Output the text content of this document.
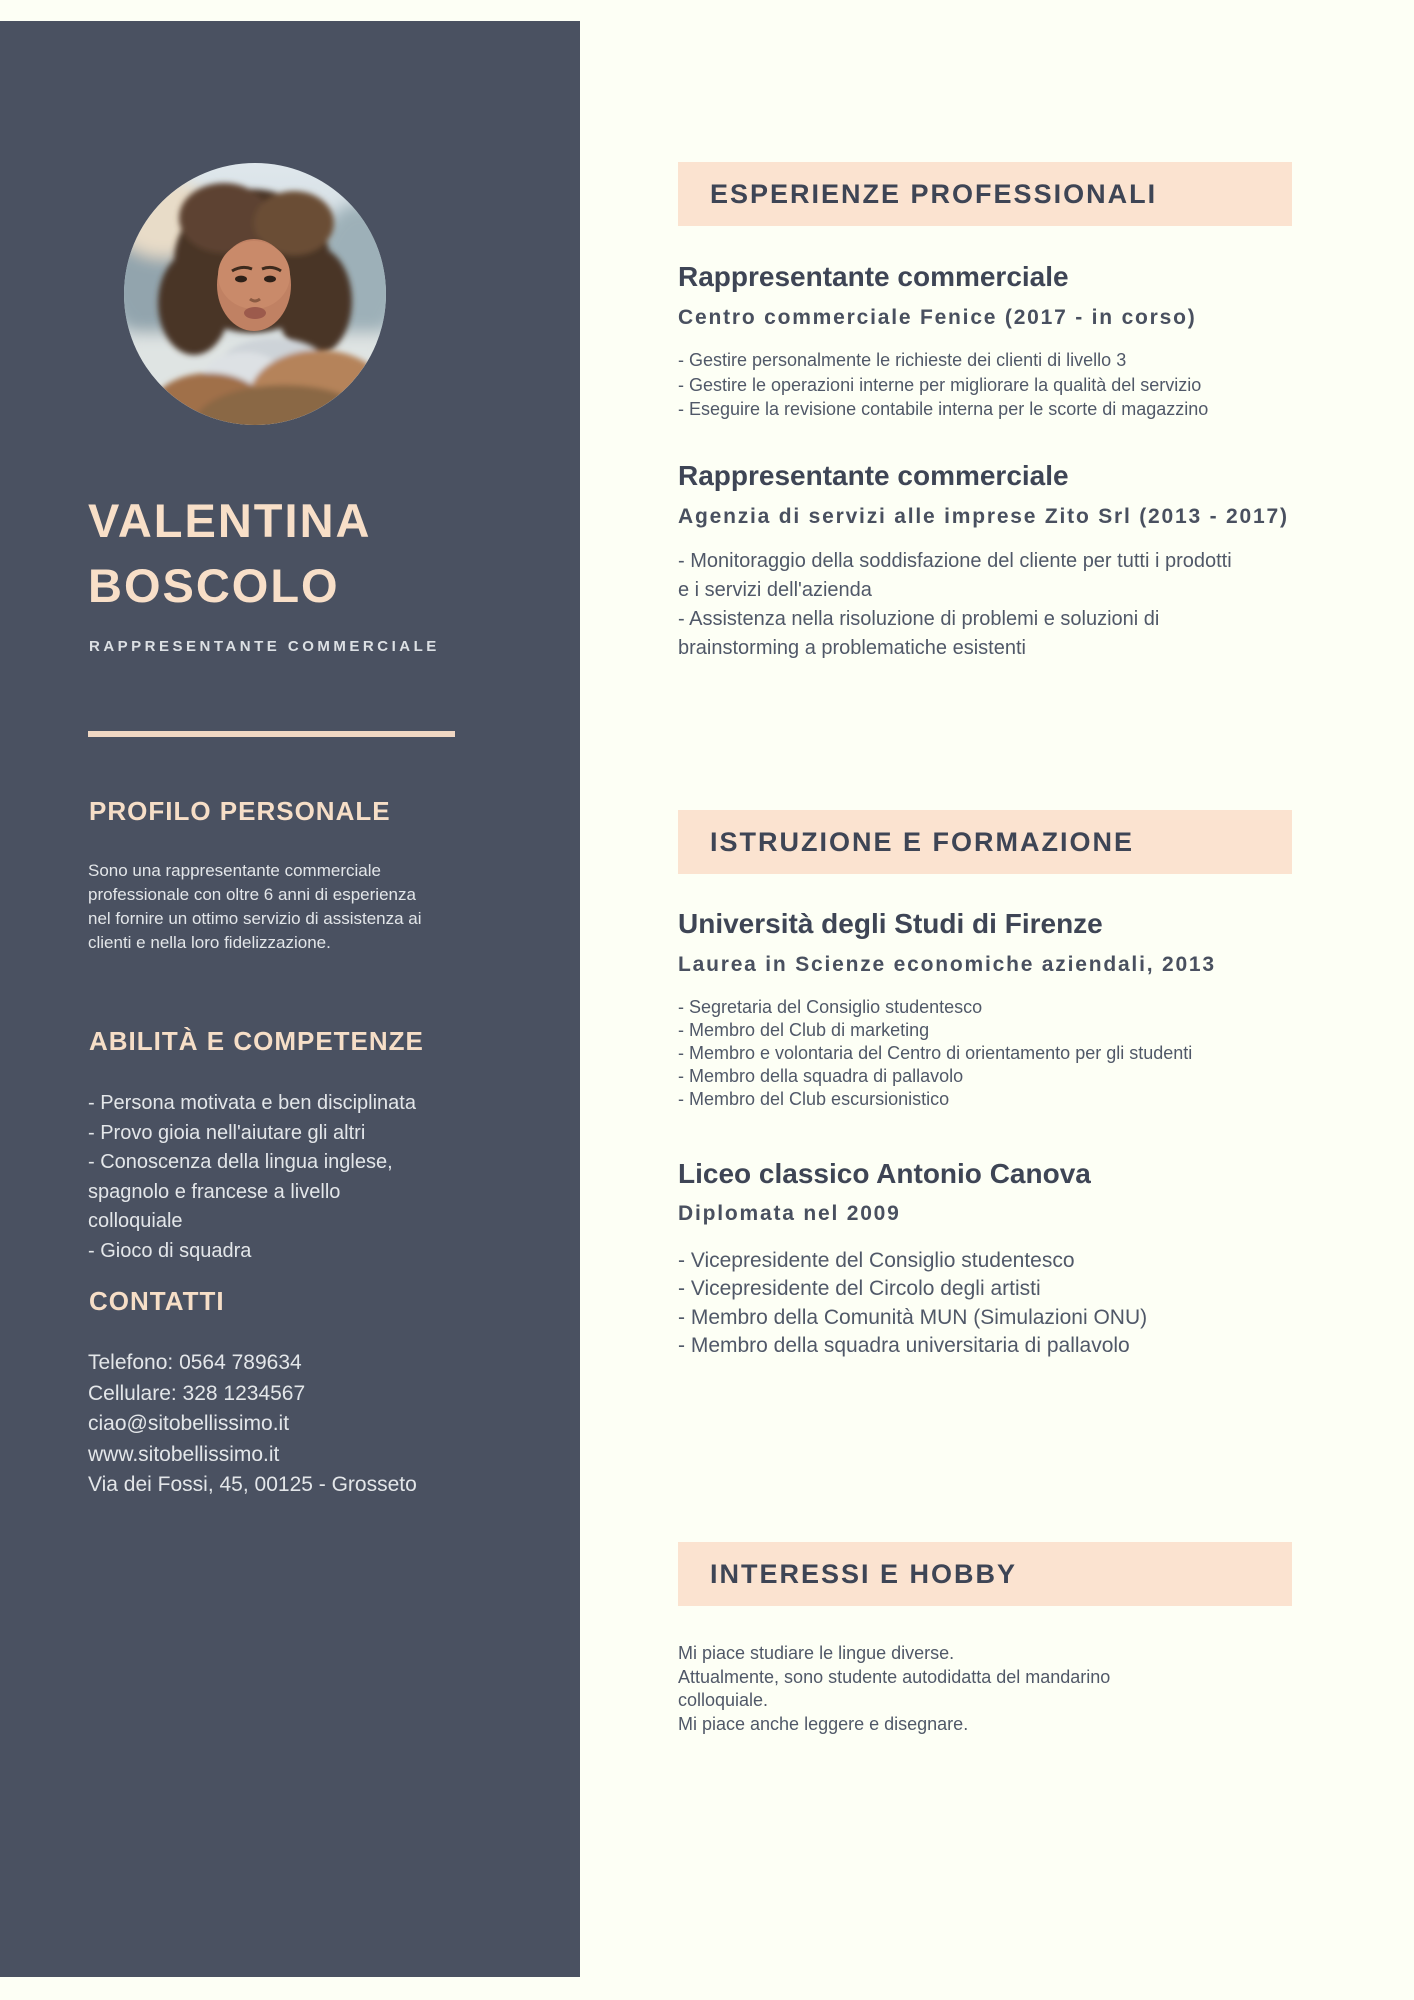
VALENTINA
BOSCOLO
RAPPRESENTANTE COMMERCIALE
PROFILO PERSONALE
Sono una rappresentante commerciale professionale con oltre 6 anni di esperienza nel fornire un ottimo servizio di assistenza ai clienti e nella loro fidelizzazione.
ABILITÀ E COMPETENZE
- Persona motivata e ben disciplinata
- Provo gioia nell'aiutare gli altri
- Conoscenza della lingua inglese, spagnolo e francese a livello colloquiale
- Gioco di squadra
CONTATTI
Telefono: 0564 789634
Cellulare: 328 1234567
ciao@sitobellissimo.it
www.sitobellissimo.it
Via dei Fossi, 45, 00125 - Grosseto
ESPERIENZE PROFESSIONALI
Rappresentante commerciale
Centro commerciale Fenice (2017 - in corso)
- Gestire personalmente le richieste dei clienti di livello 3
- Gestire le operazioni interne per migliorare la qualità del servizio
- Eseguire la revisione contabile interna per le scorte di magazzino
Rappresentante commerciale
Agenzia di servizi alle imprese Zito Srl (2013 - 2017)
- Monitoraggio della soddisfazione del cliente per tutti i prodotti e i servizi dell'azienda
- Assistenza nella risoluzione di problemi e soluzioni di brainstorming a problematiche esistenti
ISTRUZIONE E FORMAZIONE
Università degli Studi di Firenze
Laurea in Scienze economiche aziendali, 2013
- Segretaria del Consiglio studentesco
- Membro del Club di marketing
- Membro e volontaria del Centro di orientamento per gli studenti
- Membro della squadra di pallavolo
- Membro del Club escursionistico
Liceo classico Antonio Canova
Diplomata nel 2009
- Vicepresidente del Consiglio studentesco
- Vicepresidente del Circolo degli artisti
- Membro della Comunità MUN (Simulazioni ONU)
- Membro della squadra universitaria di pallavolo
INTERESSI E HOBBY
Mi piace studiare le lingue diverse.
Attualmente, sono studente autodidatta del mandarino colloquiale.
Mi piace anche leggere e disegnare.
